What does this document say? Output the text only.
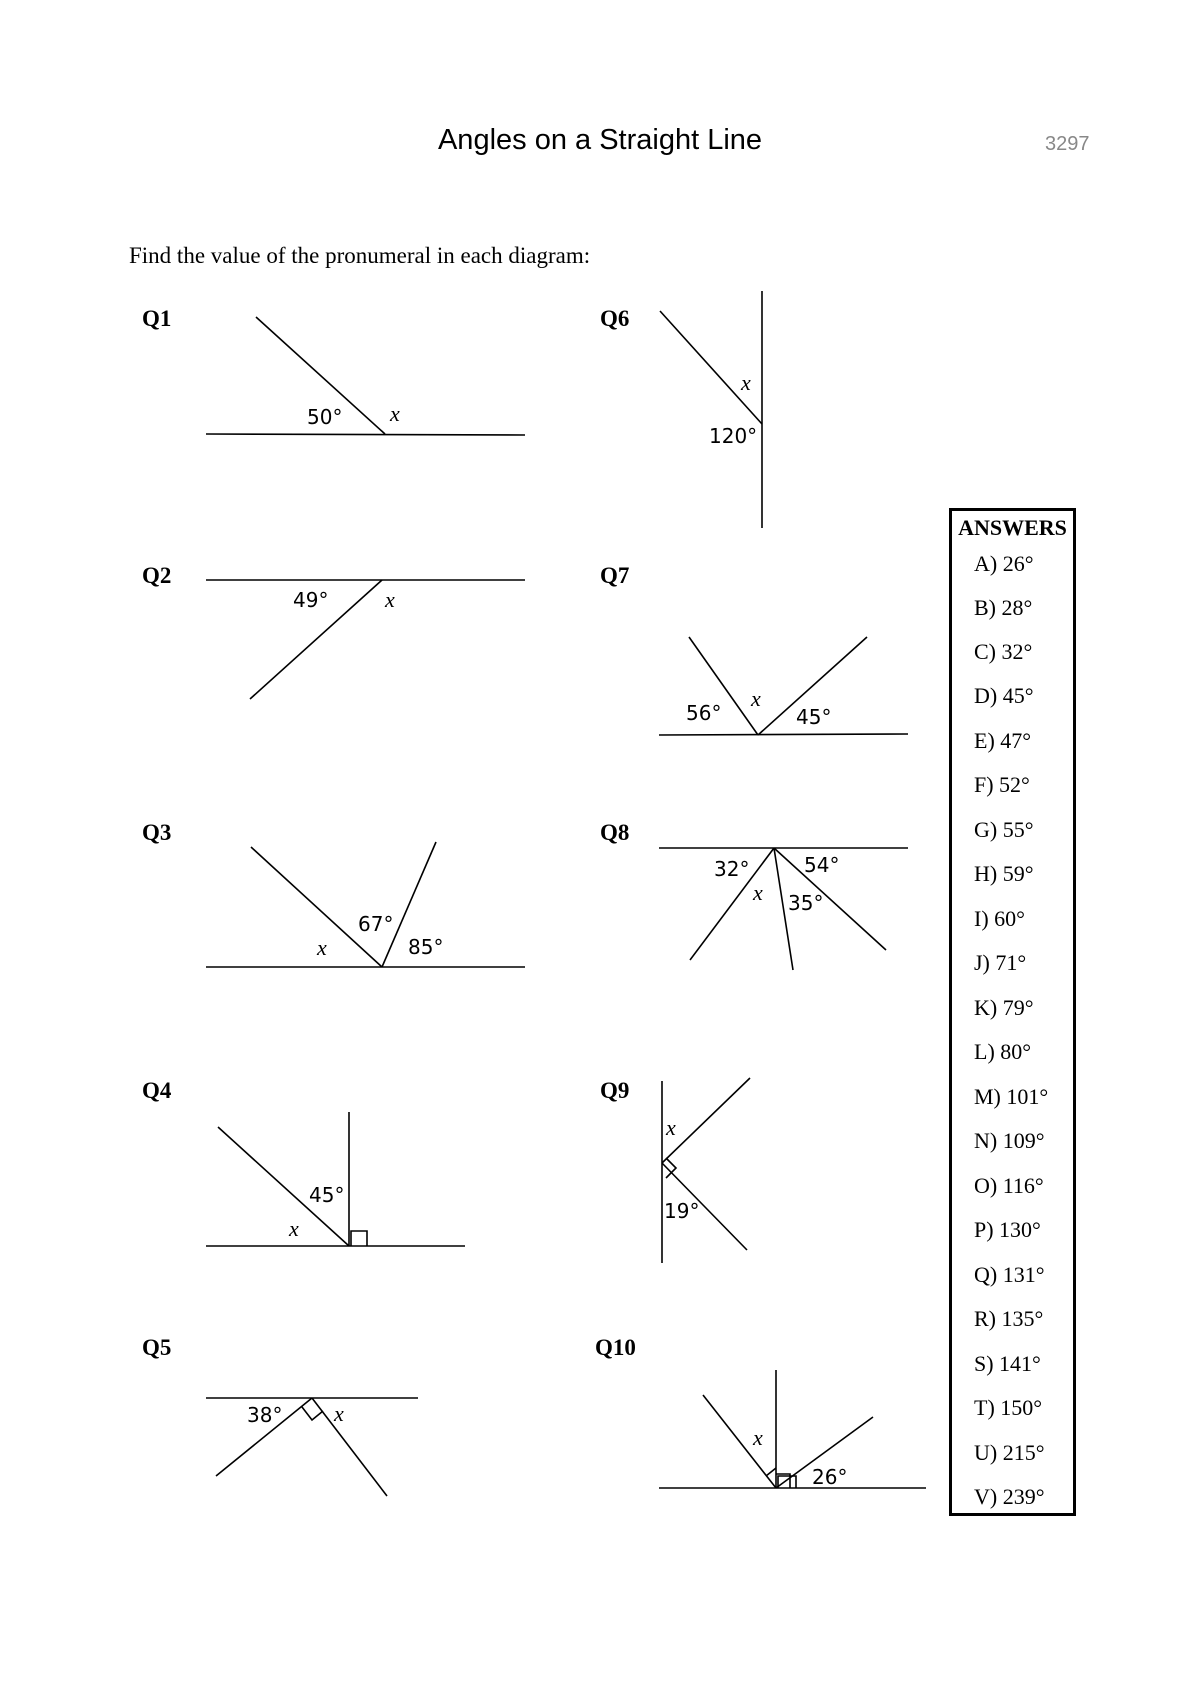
Angles on a Straight Line	3297
Find the value of the pronumeral in each diagram:
Q1
50° x
Q2
49°	x
Q3
67°
85°
x
Q4
45°
x
Q5
38° x
Q6
x
120°
Q7
56°
x
45°
Q8
32°	54°
35°
x
Q9
x
19°
Q10
x
26°
ANSWERS
A) 26°
B) 28°
C) 32°
D) 45°
E) 47°
F) 52°
G) 55°
H) 59°
I) 60°
J) 71°
K) 79°
L) 80°
M) 101°
N) 109°
O) 116°
P) 130°
Q) 131°
R) 135°
S) 141°
T) 150°
U) 215°
V) 239°
